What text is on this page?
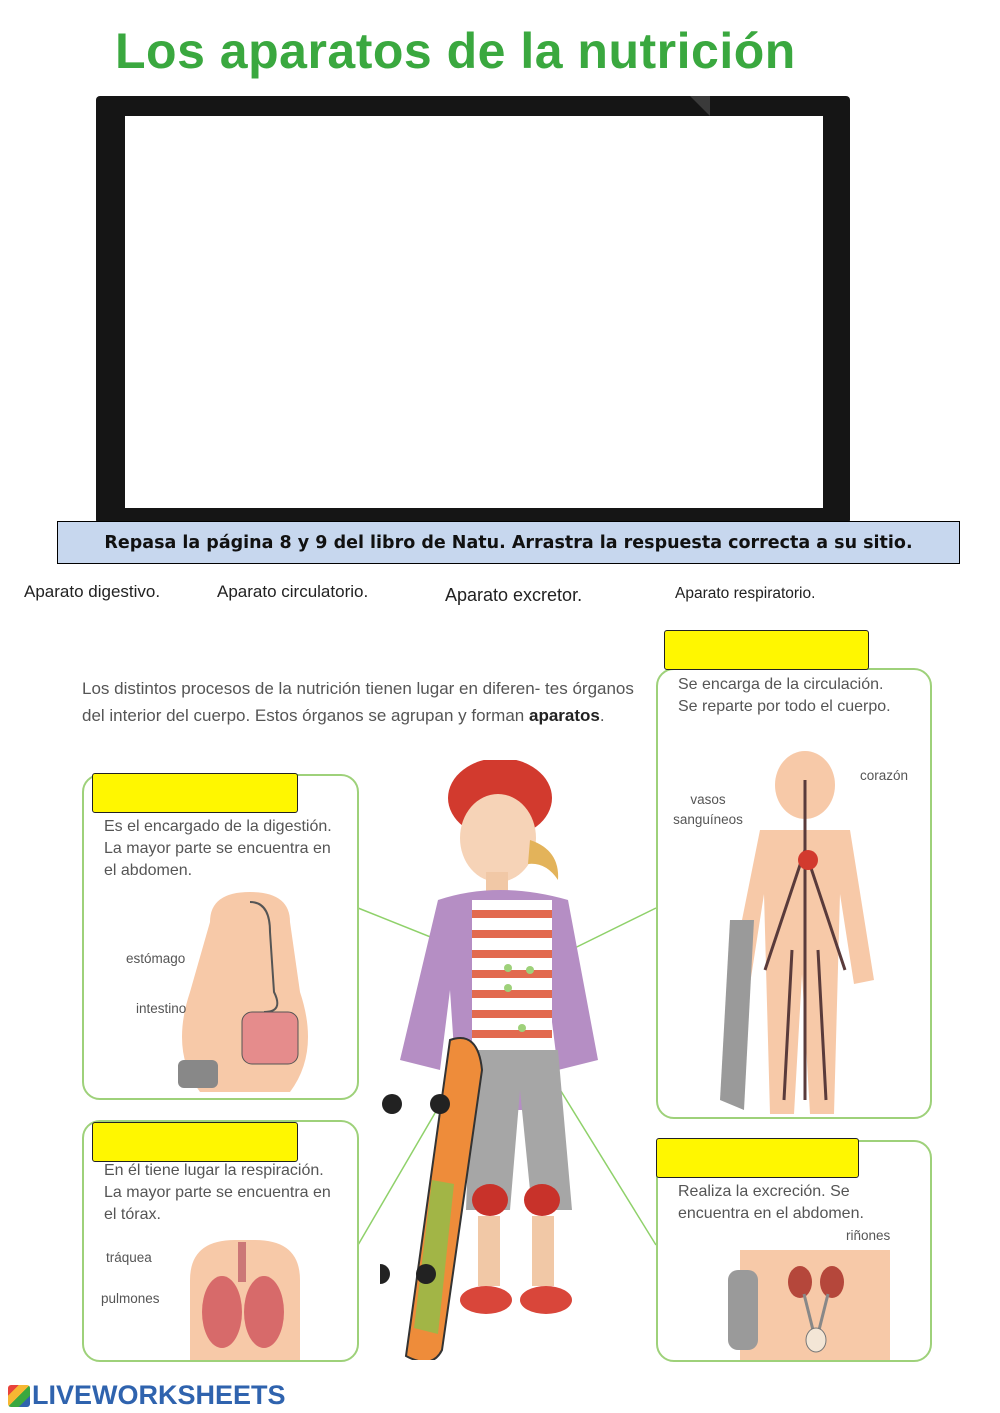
Los aparatos de la nutrición
Repasa la página 8 y 9 del libro de Natu. Arrastra la respuesta correcta a su sitio.
Aparato digestivo.	Aparato circulatorio.	Aparato excretor.	Aparato respiratorio.
Los distintos procesos de la nutrición tienen lugar en diferen- tes órganos del interior del cuerpo. Estos órganos se agrupan y forman aparatos.
Es el encargado de la digestión. La mayor parte se encuentra en el abdomen.
estómago
intestino
En él tiene lugar la respiración. La mayor parte se encuentra en el tórax.
tráquea
pulmones
Se encarga de la circulación. Se reparte por todo el cuerpo.
corazón
vasos sanguíneos
Realiza la excreción. Se encuentra en el abdomen.
riñones
LIVEWORKSHEETS
